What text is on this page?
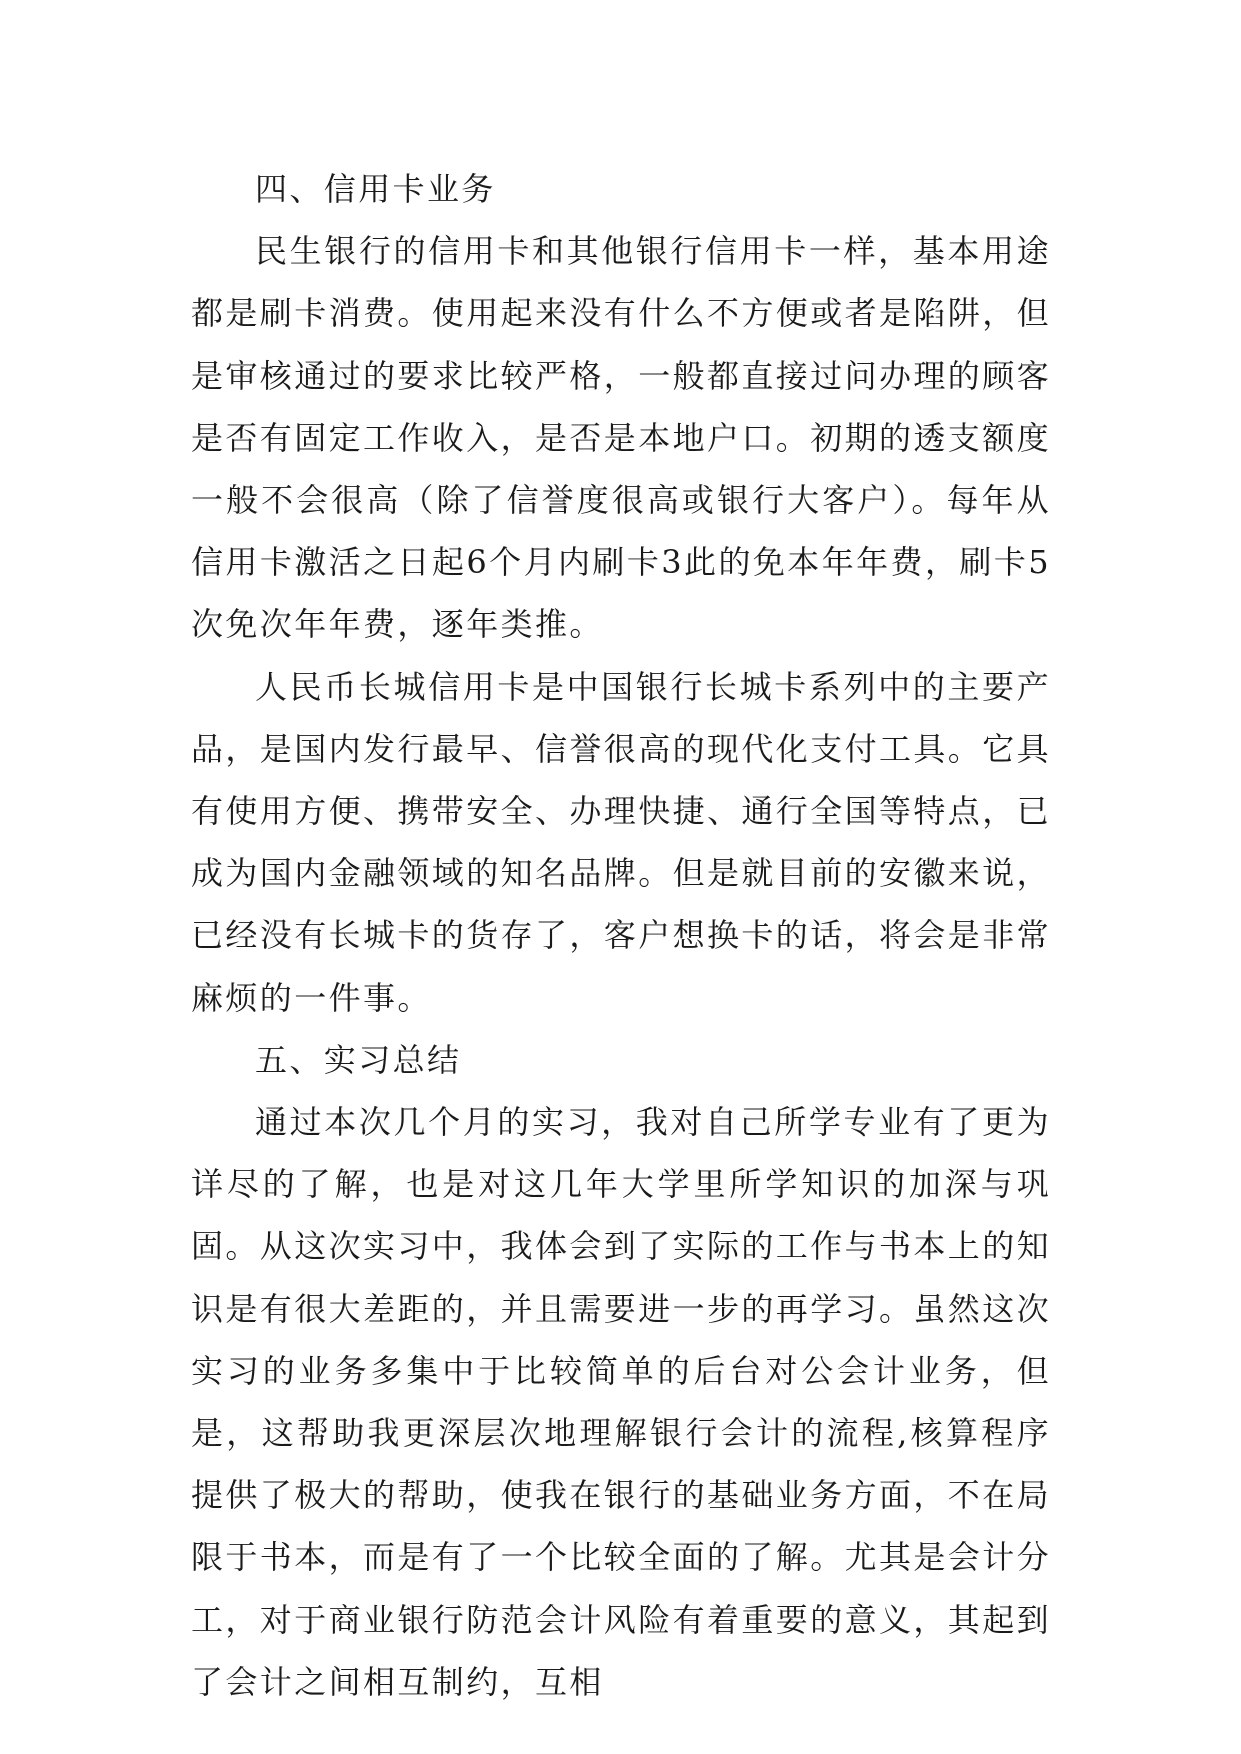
四、信用卡业务

民生银行的信用卡和其他银行信用卡一样，基本用途都是刷卡消费。使用起来没有什么不方便或者是陷阱，但是审核通过的要求比较严格，一般都直接过问办理的顾客是否有固定工作收入，是否是本地户口。初期的透支额度一般不会很高（除了信誉度很高或银行大客户）。每年从信用卡激活之日起6个月内刷卡3此的免本年年费，刷卡5次免次年年费，逐年类推。

人民币长城信用卡是中国银行长城卡系列中的主要产品，是国内发行最早、信誉很高的现代化支付工具。它具有使用方便、携带安全、办理快捷、通行全国等特点，已成为国内金融领域的知名品牌。但是就目前的安徽来说，已经没有长城卡的货存了，客户想换卡的话，将会是非常麻烦的一件事。

五、实习总结

通过本次几个月的实习，我对自己所学专业有了更为详尽的了解，也是对这几年大学里所学知识的加深与巩固。从这次实习中，我体会到了实际的工作与书本上的知识是有很大差距的，并且需要进一步的再学习。虽然这次实习的业务多集中于比较简单的后台对公会计业务，但是，这帮助我更深层次地理解银行会计的流程,核算程序提供了极大的帮助，使我在银行的基础业务方面，不在局限于书本，而是有了一个比较全面的了解。尤其是会计分工，对于商业银行防范会计风险有着重要的意义，其起到了会计之间相互制约，互相
